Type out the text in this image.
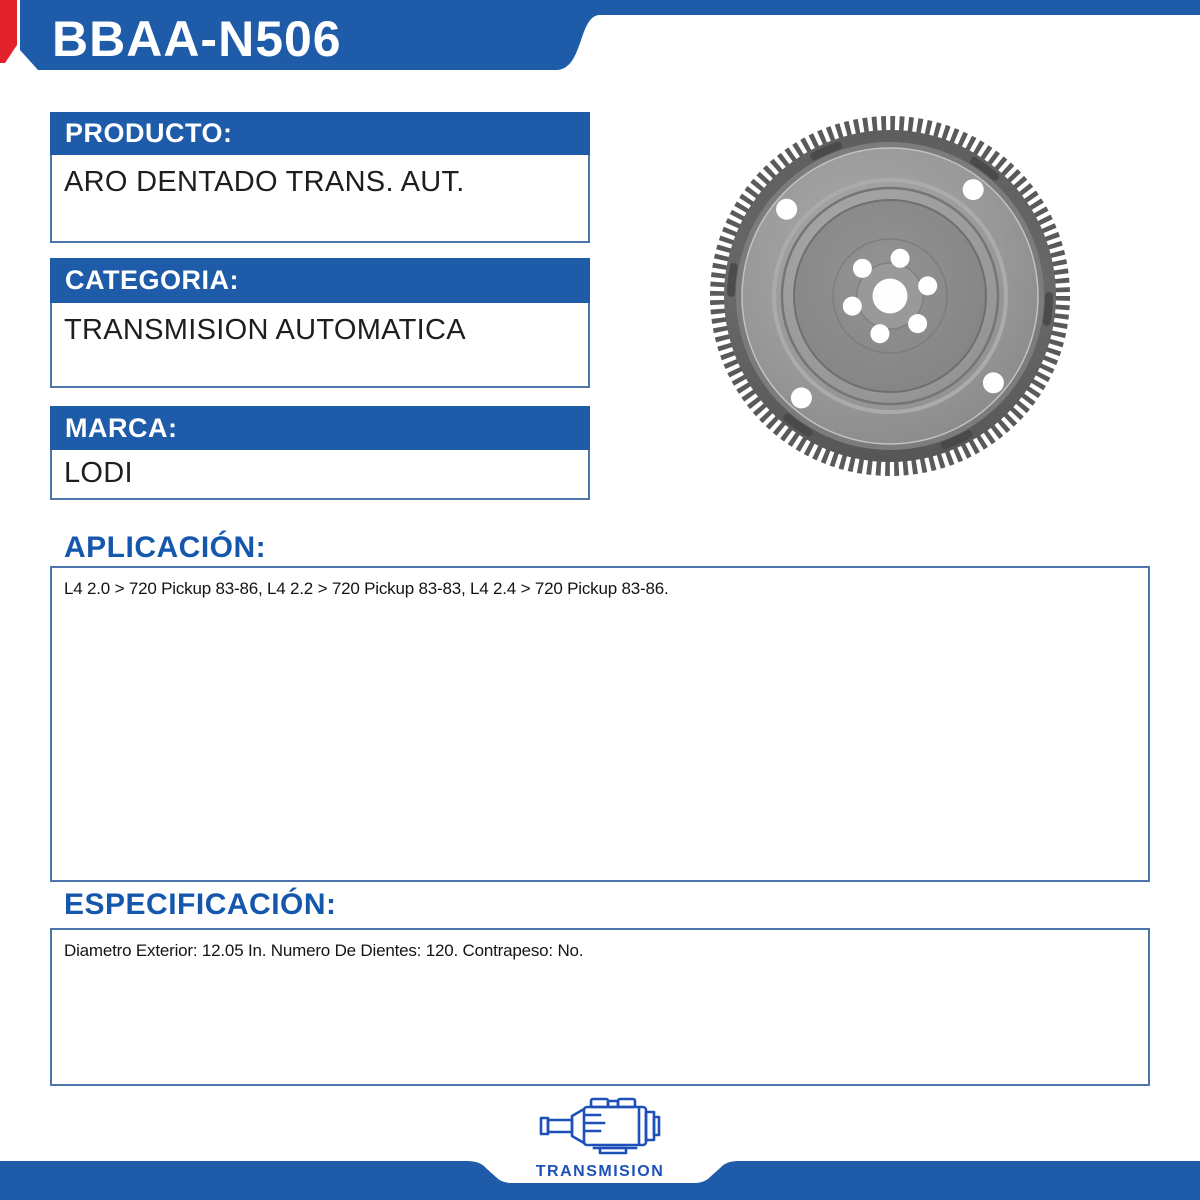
BBAA-N506
PRODUCTO:
ARO DENTADO TRANS. AUT.
CATEGORIA:
TRANSMISION AUTOMATICA
MARCA:
LODI
APLICACIÓN:
L4 2.0 > 720 Pickup 83-86, L4 2.2 > 720 Pickup 83-83, L4 2.4 > 720 Pickup 83-86.
ESPECIFICACIÓN:
Diametro Exterior: 12.05 In. Numero De Dientes: 120. Contrapeso: No.
TRANSMISION
